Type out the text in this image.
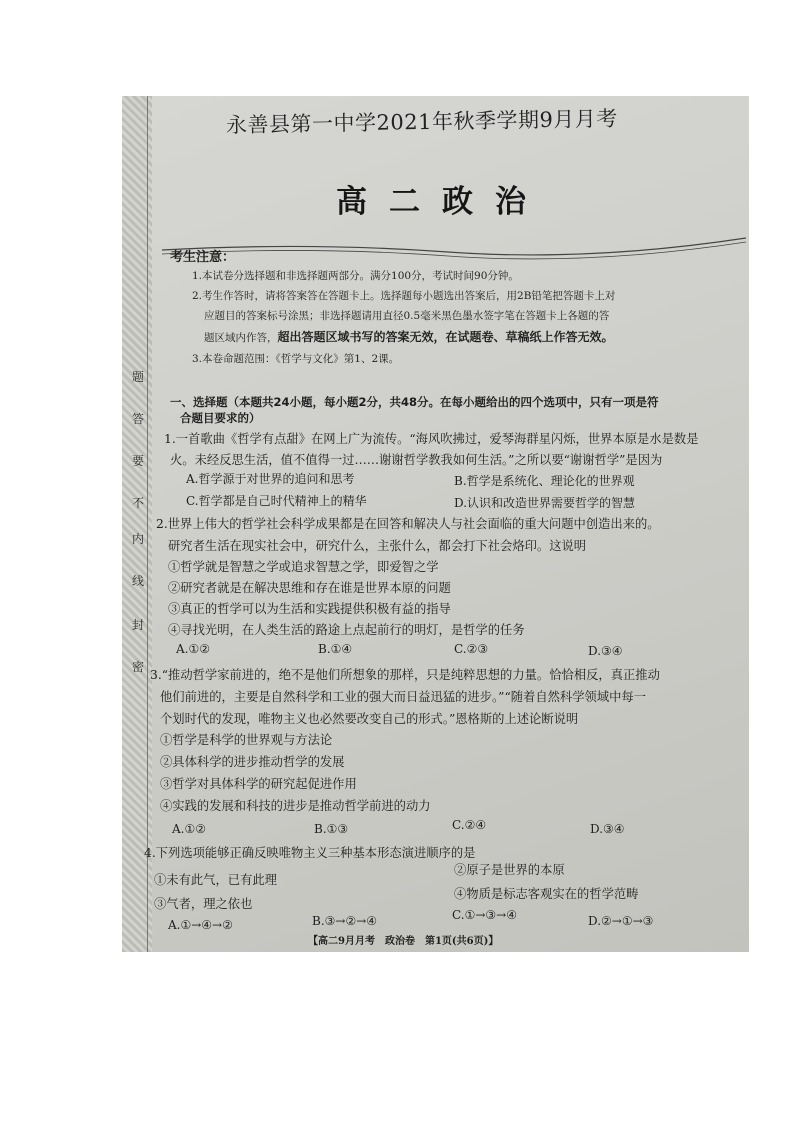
题
答
要
不
内
线
封
密

永善县第一中学2021年秋季学期9月月考
高二政治
考生注意：
1.本试卷分选择题和非选择题两部分。满分100分，考试时间90分钟。
2.考生作答时，请将答案答在答题卡上。选择题每小题选出答案后，用2B铅笔把答题卡上对
应题目的答案标号涂黑；非选择题请用直径0.5毫米黑色墨水签字笔在答题卡上各题的答
题区域内作答，超出答题区域书写的答案无效，在试题卷、草稿纸上作答无效。
3.本卷命题范围：《哲学与文化》第1、2课。
一、选择题（本题共24小题，每小题2分，共48分。在每小题给出的四个选项中，只有一项是符
合题目要求的）
1.一首歌曲《哲学有点甜》在网上广为流传。“海风吹拂过，爱琴海群星闪烁，世界本原是水是数是
火。未经反思生活，值不值得一过……谢谢哲学教我如何生活。”之所以要“谢谢哲学”是因为
A.哲学源于对世界的追问和思考	B.哲学是系统化、理论化的世界观
C.哲学都是自己时代精神上的精华	D.认识和改造世界需要哲学的智慧
2.世界上伟大的哲学社会科学成果都是在回答和解决人与社会面临的重大问题中创造出来的。
研究者生活在现实社会中，研究什么，主张什么，都会打下社会烙印。这说明
①哲学就是智慧之学或追求智慧之学，即爱智之学
②研究者就是在解决思维和存在谁是世界本原的问题
③真正的哲学可以为生活和实践提供积极有益的指导
④寻找光明，在人类生活的路途上点起前行的明灯，是哲学的任务
A.①②	B.①④	C.②③	D.③④
3.“推动哲学家前进的，绝不是他们所想象的那样，只是纯粹思想的力量。恰恰相反，真正推动
他们前进的，主要是自然科学和工业的强大而日益迅猛的进步。”“随着自然科学领域中每一
个划时代的发现，唯物主义也必然要改变自己的形式。”恩格斯的上述论断说明
①哲学是科学的世界观与方法论
②具体科学的进步推动哲学的发展
③哲学对具体科学的研究起促进作用
④实践的发展和科技的进步是推动哲学前进的动力
A.①②	B.①③	C.②④	D.③④
4.下列选项能够正确反映唯物主义三种基本形态演进顺序的是
①未有此气，已有此理
②原子是世界的本原
③气者，理之依也
④物质是标志客观实在的哲学范畴
A.①→④→②	B.③→②→④	C.①→③→④	D.②→①→③
【高二9月月考　政治卷　第1页(共6页)】
